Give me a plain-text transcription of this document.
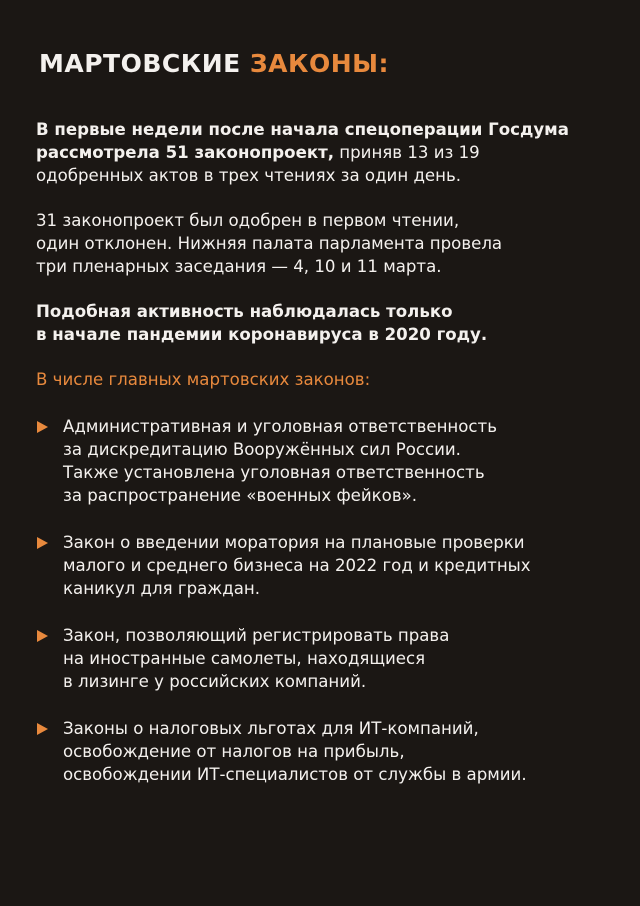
МАРТОВСКИЕ ЗАКОНЫ:
В первые недели после начала спецоперации Госдума
рассмотрела 51 законопроект, приняв 13 из 19
одобренных актов в трех чтениях за один день.
31 законопроект был одобрен в первом чтении,
один отклонен. Нижняя палата парламента провела
три пленарных заседания — 4, 10 и 11 марта.
Подобная активность наблюдалась только
в начале пандемии коронавируса в 2020 году.
В числе главных мартовских законов:
Административная и уголовная ответственность
за дискредитацию Вооружённых сил России.
Также установлена уголовная ответственность
за распространение «военных фейков».
Закон о введении моратория на плановые проверки
малого и среднего бизнеса на 2022 год и кредитных
каникул для граждан.
Закон, позволяющий регистрировать права
на иностранные самолеты, находящиеся
в лизинге у российских компаний.
Законы о налоговых льготах для ИТ-компаний,
освобождение от налогов на прибыль,
освобождении ИТ-специалистов от службы в армии.
